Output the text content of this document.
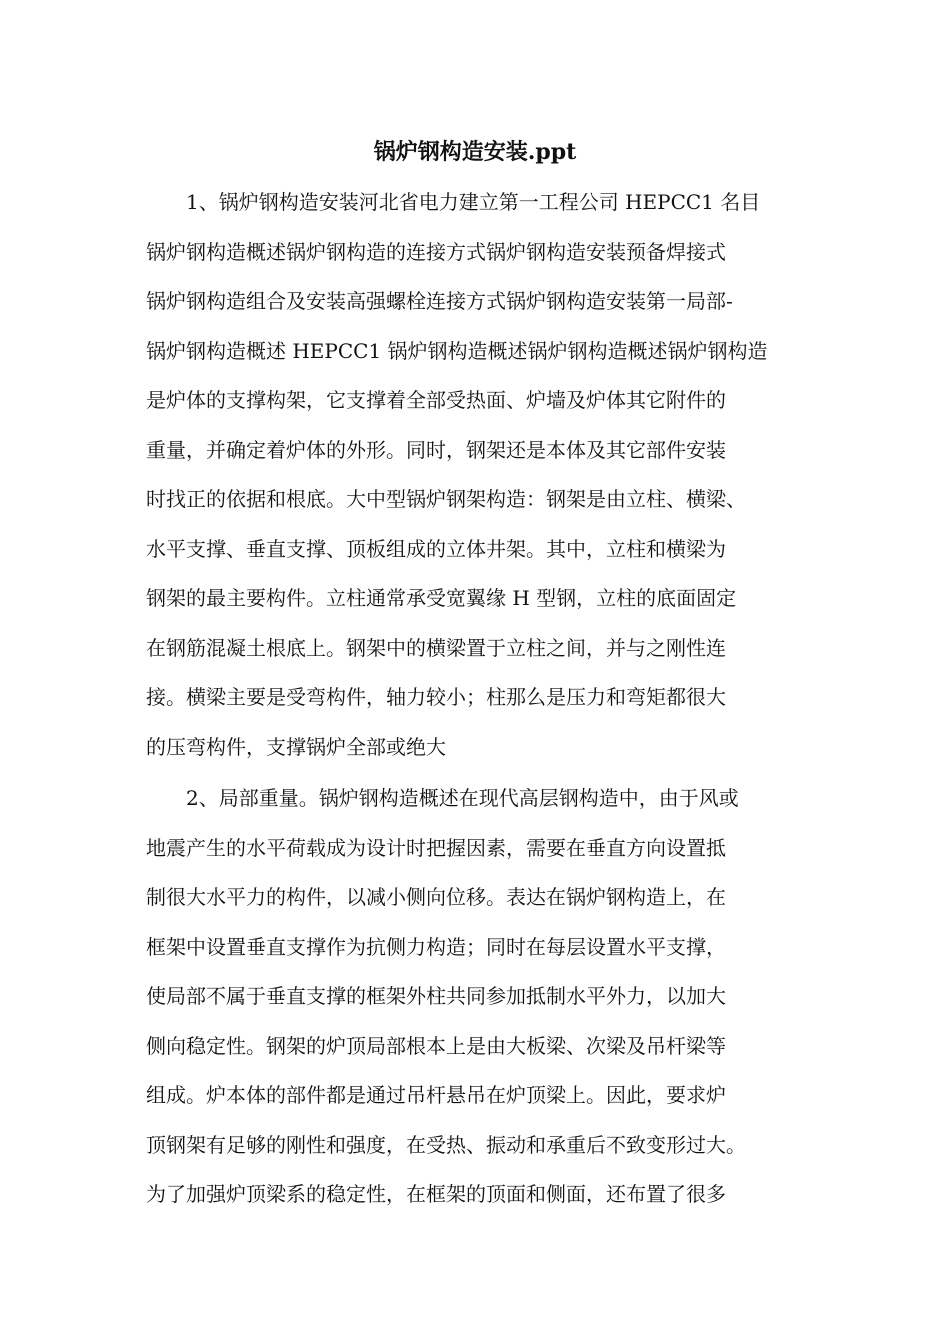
锅炉钢构造安装.ppt
1、锅炉钢构造安装河北省电力建立第一工程公司 HEPCC1 名目
锅炉钢构造概述锅炉钢构造的连接方式锅炉钢构造安装预备焊接式
锅炉钢构造组合及安装高强螺栓连接方式锅炉钢构造安装第一局部-
锅炉钢构造概述 HEPCC1 锅炉钢构造概述锅炉钢构造概述锅炉钢构造
是炉体的支撑构架，它支撑着全部受热面、炉墙及炉体其它附件的
重量，并确定着炉体的外形。同时，钢架还是本体及其它部件安装
时找正的依据和根底。大中型锅炉钢架构造：钢架是由立柱、横梁、
水平支撑、垂直支撑、顶板组成的立体井架。其中，立柱和横梁为
钢架的最主要构件。立柱通常承受宽翼缘 H 型钢，立柱的底面固定
在钢筋混凝土根底上。钢架中的横梁置于立柱之间，并与之刚性连
接。横梁主要是受弯构件，轴力较小；柱那么是压力和弯矩都很大
的压弯构件，支撑锅炉全部或绝大
2、局部重量。锅炉钢构造概述在现代高层钢构造中，由于风或
地震产生的水平荷载成为设计时把握因素，需要在垂直方向设置抵
制很大水平力的构件，以减小侧向位移。表达在锅炉钢构造上，在
框架中设置垂直支撑作为抗侧力构造；同时在每层设置水平支撑，
使局部不属于垂直支撑的框架外柱共同参加抵制水平外力，以加大
侧向稳定性。钢架的炉顶局部根本上是由大板梁、次梁及吊杆梁等
组成。炉本体的部件都是通过吊杆悬吊在炉顶梁上。因此，要求炉
顶钢架有足够的刚性和强度，在受热、振动和承重后不致变形过大。
为了加强炉顶梁系的稳定性，在框架的顶面和侧面，还布置了很多
